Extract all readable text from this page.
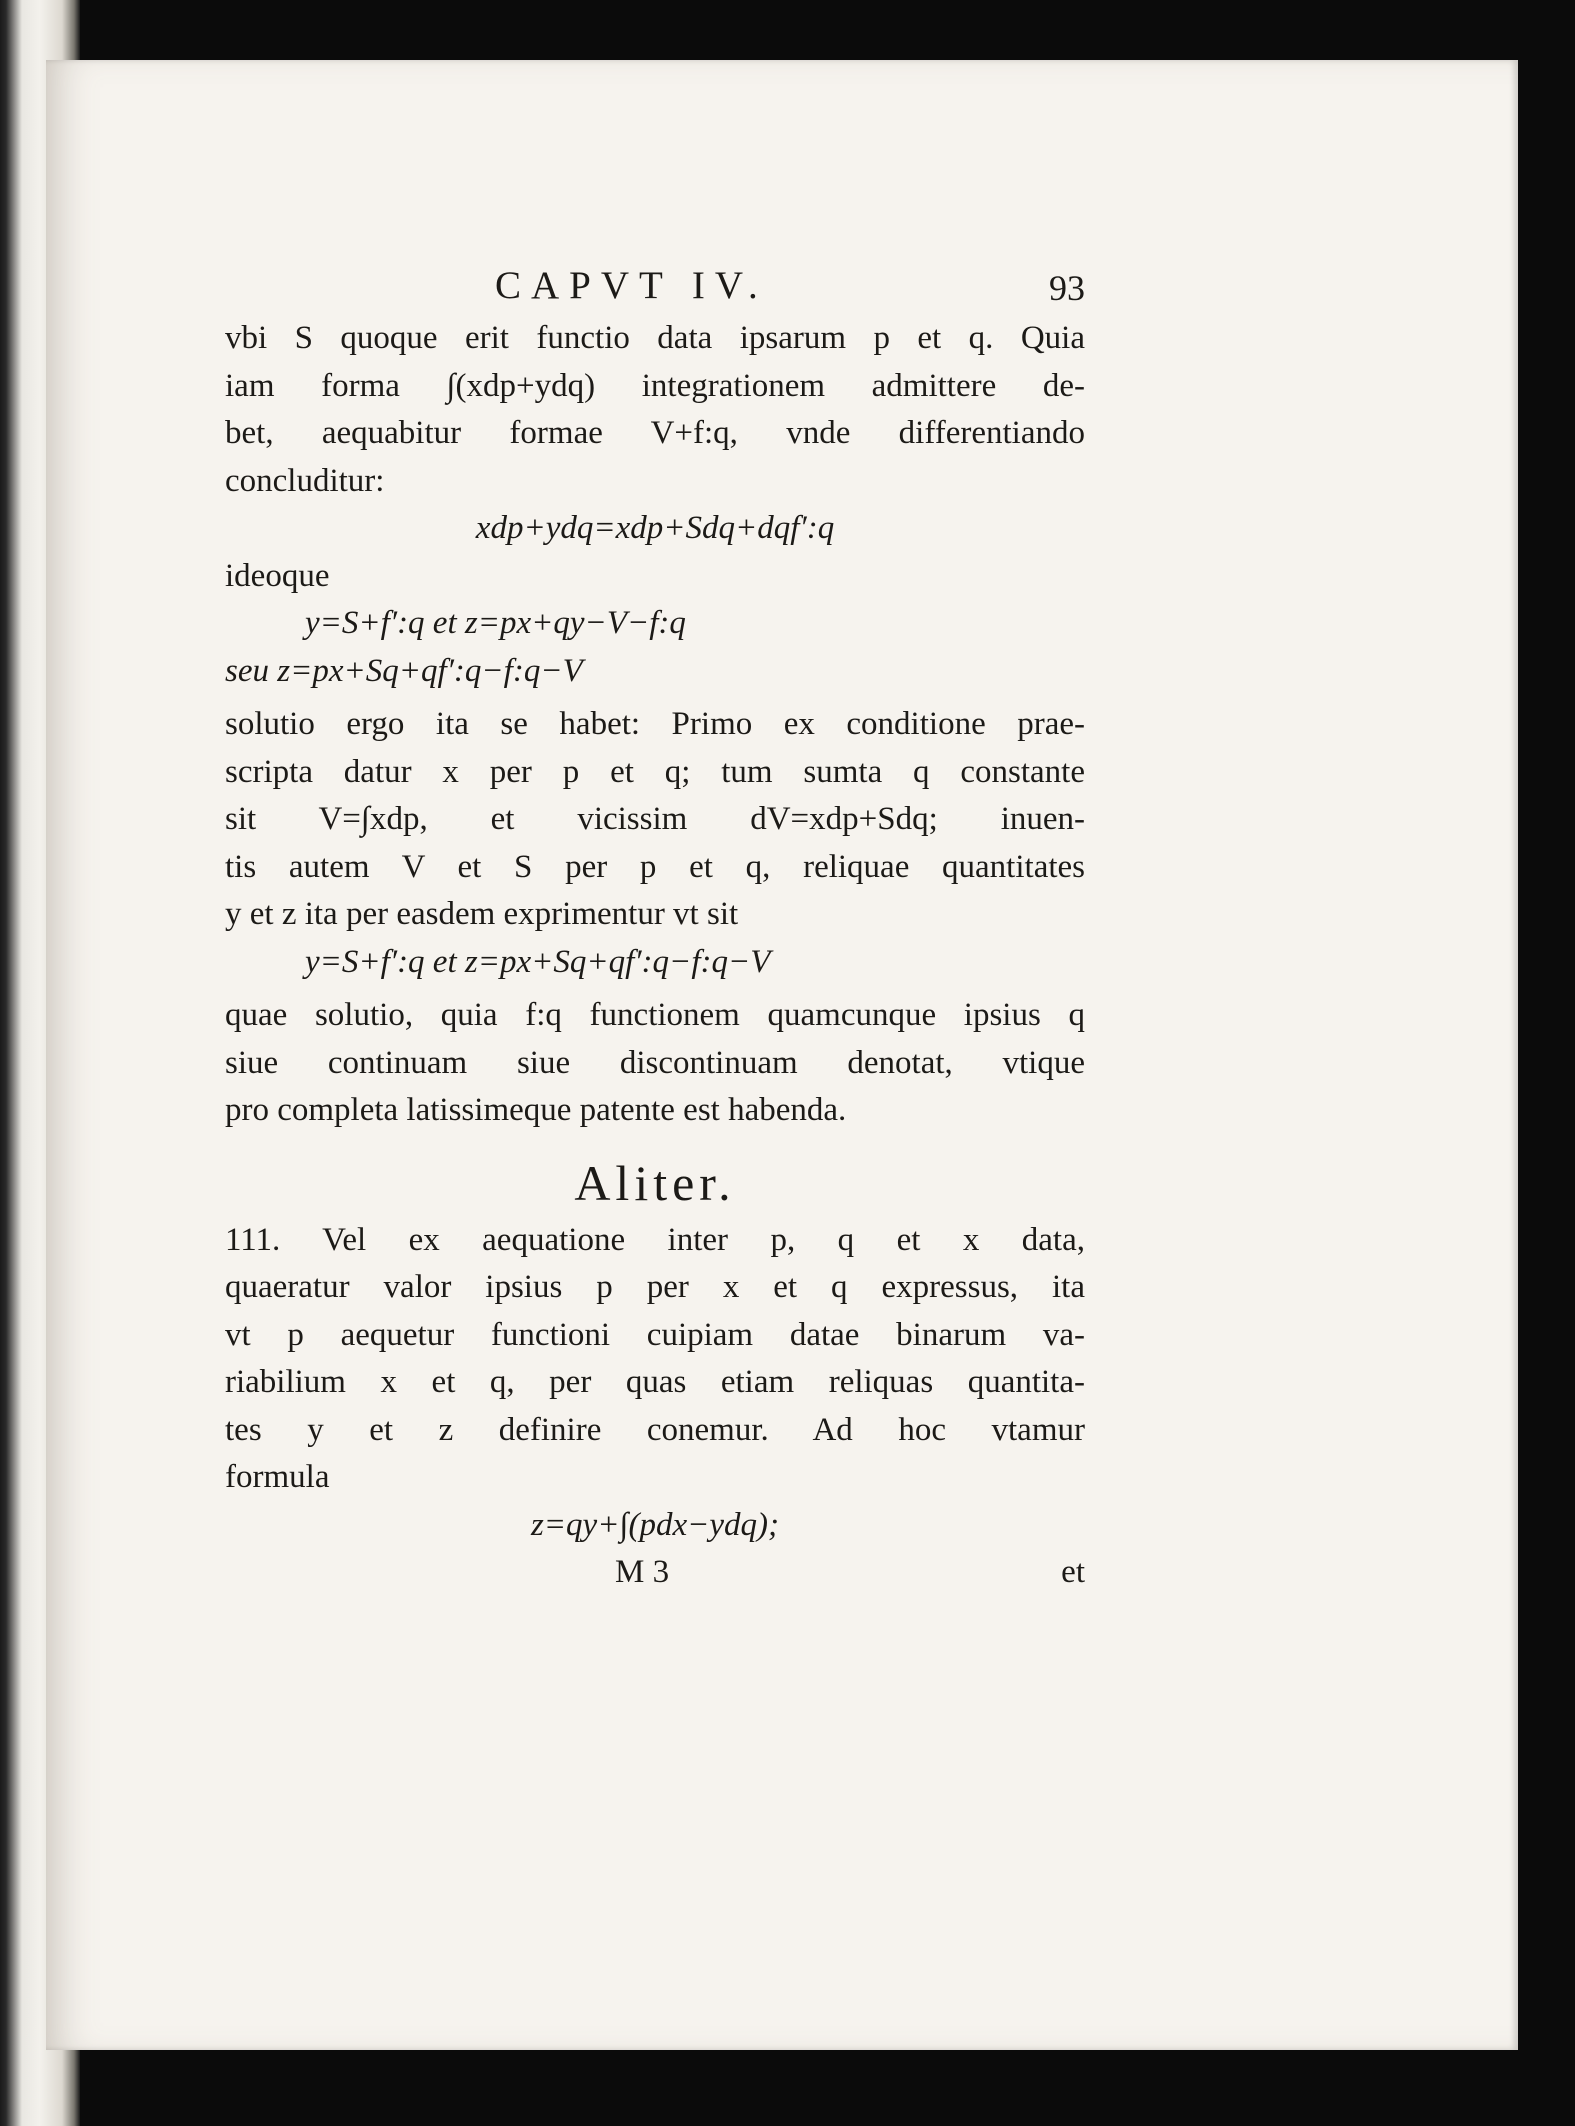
CAPVT IV.	93
vbi S quoque erit functio data ipsarum p et q. Quia
iam forma ∫(xdp+ydq) integrationem admittere de-
bet, aequabitur formae V+f:q, vnde differentiando
concluditur:
xdp+ydq=xdp+Sdq+dqf′:q
ideoque
y=S+f′:q et z=px+qy−V−f:q
seu z=px+Sq+qf′:q−f:q−V
solutio ergo ita se habet: Primo ex conditione prae-
scripta datur x per p et q; tum sumta q constante
sit V=∫xdp, et vicissim dV=xdp+Sdq; inuen-
tis autem V et S per p et q, reliquae quantitates
y et z ita per easdem exprimentur vt sit
y=S+f′:q et z=px+Sq+qf′:q−f:q−V
quae solutio, quia f:q functionem quamcunque ipsius q
siue continuam siue discontinuam denotat, vtique
pro completa latissimeque patente est habenda.
Aliter.
111. Vel ex aequatione inter p, q et x data,
quaeratur valor ipsius p per x et q expressus, ita
vt p aequetur functioni cuipiam datae binarum va-
riabilium x et q, per quas etiam reliquas quantita-
tes y et z definire conemur. Ad hoc vtamur
formula
z=qy+∫(pdx−ydq);
M 3	et
